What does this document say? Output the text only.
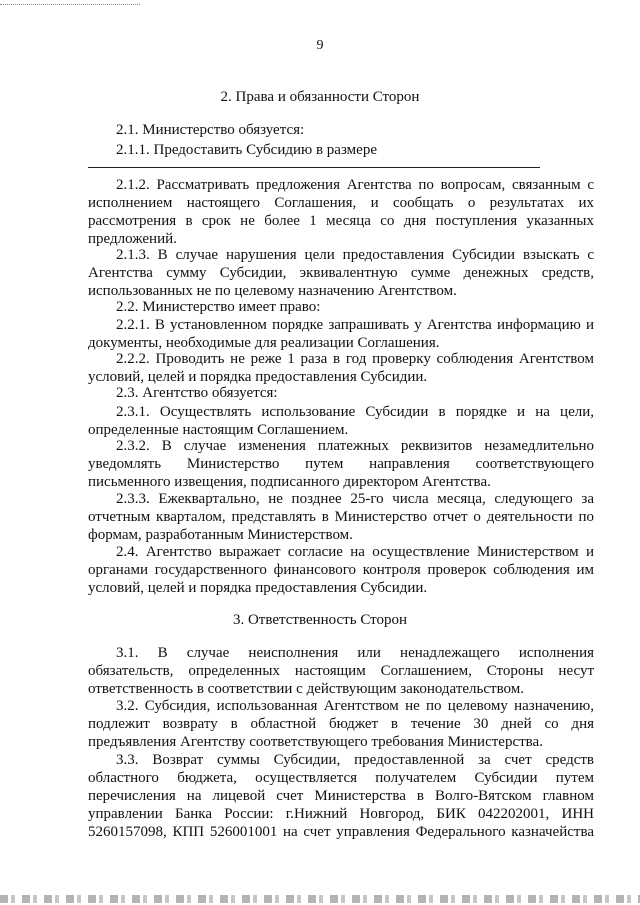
9
2. Права и обязанности Сторон

2.1. Министерство обязуется:

2.1.1. Предоставить Субсидию в размере

2.1.2. Рассматривать предложения Агентства по вопросам, связанным с

исполнением настоящего Соглашения, и сообщать о результатах их

рассмотрения в срок не более 1 месяца со дня поступления указанных

предложений.

2.1.3. В случае нарушения цели предоставления Субсидии взыскать с

Агентства сумму Субсидии, эквивалентную сумме денежных средств,

использованных не по целевому назначению Агентством.

2.2. Министерство имеет право:

2.2.1. В установленном порядке запрашивать у Агентства информацию и

документы, необходимые для реализации Соглашения.

2.2.2. Проводить не реже 1 раза в год проверку соблюдения Агентством

условий, целей и порядка предоставления Субсидии.

2.3. Агентство обязуется:

2.3.1. Осуществлять использование Субсидии в порядке и на цели,

определенные настоящим Соглашением.

2.3.2. В случае изменения платежных реквизитов незамедлительно

уведомлять Министерство путем направления соответствующего

письменного извещения, подписанного директором Агентства.

2.3.3. Ежеквартально, не позднее 25-го числа месяца, следующего за

отчетным кварталом, представлять в Министерство отчет о деятельности по

формам, разработанным Министерством.

2.4. Агентство выражает согласие на осуществление Министерством и

органами государственного финансового контроля проверок соблюдения им

условий, целей и порядка предоставления Субсидии.

3. Ответственность Сторон

3.1. В случае неисполнения или ненадлежащего исполнения

обязательств, определенных настоящим Соглашением, Стороны несут

ответственность в соответствии с действующим законодательством.

3.2. Субсидия, использованная Агентством не по целевому назначению,

подлежит возврату в областной бюджет в течение 30 дней со дня

предъявления Агентству соответствующего требования Министерства.

3.3. Возврат суммы Субсидии, предоставленной за счет средств

областного бюджета, осуществляется получателем Субсидии путем

перечисления на лицевой счет Министерства в Волго-Вятском главном

управлении Банка России: г.Нижний Новгород, БИК 042202001, ИНН

5260157098, КПП 526001001 на счет управления Федерального казначейства
